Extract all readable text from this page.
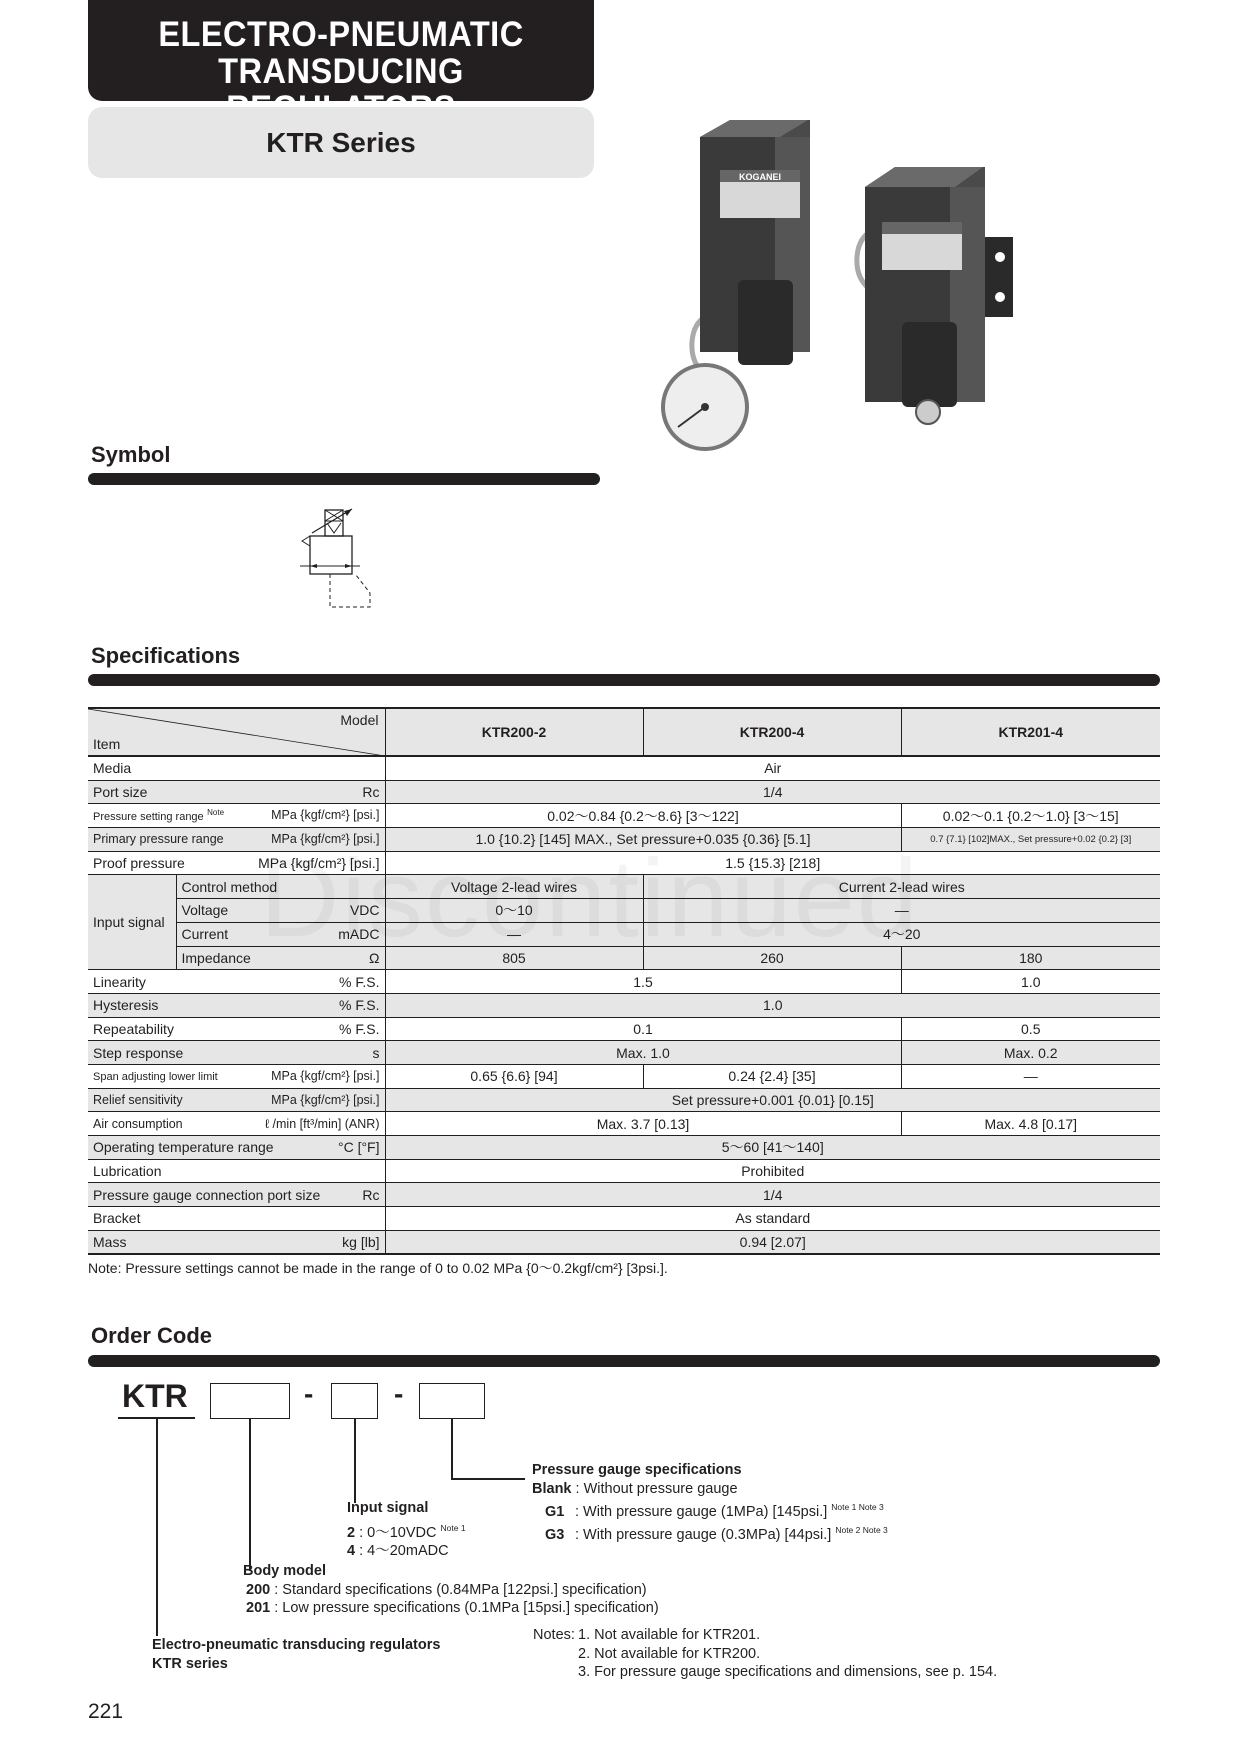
ELECTRO-PNEUMATIC
TRANSDUCING
KTR Series
KOGANEI
Symbol
Specifications
Model
Item		KTR200-2	KTR200-4	KTR201-4
Media		Air		
Port size Rc		1/4		
Pressure setting range $^{Note}$ MPa {kgf/cm²} [psi.]		0.02〜0.84 {0.2〜8.6} [3〜122]		0.02〜0.1 {0.2〜1.0} [3〜15]
Primary pressure range MPa {kgf/cm²} [psi.]		1.0 {10.2} [145] MAX., Set pressure+0.035 {0.36} [5.1]		0.7 {7.1} [102]MAX., Set pressure+0.02 {0.2} [3]
Proof pressure MPa {kgf/cm²} [psi.]		1.5 {15.3} [218]		
Input signal	Control method	Voltage 2-lead wires	Current 2-lead wires	
	Voltage VDC	0〜10	—	
	Current mADC	—	4〜20	
	Impedance Ω	805	260	180
Linearity % F.S.		1.5		1.0
Hysteresis % F.S.		1.0		
Repeatability % F.S.		0.1		0.5
Step response s		Max. 1.0		Max. 0.2
Span adjusting lower limit MPa {kgf/cm²} [psi.]		0.65 {6.6} [94]	0.24 {2.4} [35]	—
Relief sensitivity MPa {kgf/cm²} [psi.]		Set pressure+0.001 {0.01} [0.15]		
Air consumption ℓ /min [ft³/min] (ANR)		Max. 3.7 [0.13]		Max. 4.8 [0.17]
Operating temperature range °C [°F]		5〜60 [41〜140]		
Lubrication		Prohibited		
Pressure gauge connection port size Rc		1/4		
Bracket		As standard		
Mass kg [lb]		0.94 [2.07]		
Note: Pressure settings cannot be made in the range of 0 to 0.02 MPa {0〜0.2kgf/cm²} [3psi.].
Order Code
KTR	-	-
Pressure gauge specifications
Blank : Without pressure gauge
G1 : With pressure gauge (1MPa) [145psi.] $^{Note 1 Note 3}$
G3 : With pressure gauge (0.3MPa) [44psi.] $^{Note 2 Note 3}$
Input signal
2 : 0〜10VDC $^{Note 1}$
4 : 4〜20mADC
Body model
200 : Standard specifications (0.84MPa [122psi.] specification)
201 : Low pressure specifications (0.1MPa [15psi.] specification)
Electro-pneumatic transducing regulators
KTR series
Notes: 1. Not available for KTR201.
2. Not available for KTR200.
3. For pressure gauge specifications and dimensions, see p. 154.
221
